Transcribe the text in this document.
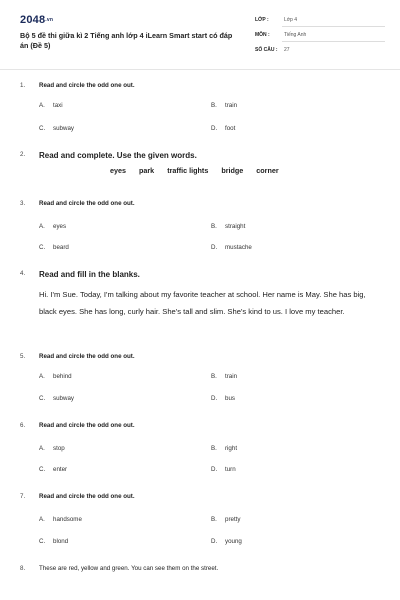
2048.vn
Bộ 5 đề thi giữa kì 2 Tiếng anh lớp 4 iLearn Smart start có đáp án (Đề 5)
LỚP :	Lớp 4
MÔN :	Tiếng Anh
SỐ CÂU : 27
1. Read and circle the odd one out.
A. taxi	B. train
C. subway	D. foot
2. Read and complete. Use the given words.
eyes park traffic lights bridge corner
3. Read and circle the odd one out.
A. eyes	B. straight
C. beard	D. mustache
4. Read and fill in the blanks.
Hi. I'm Sue. Today, I'm talking about my favorite teacher at school. Her name is May. She has big, black eyes. She has long, curly hair. She's tall and slim. She's kind to us. I love my teacher.
5. Read and circle the odd one out.
A. behind	B. train
C. subway	D. bus
6. Read and circle the odd one out.
A. stop	B. right
C. enter	D. turn
7. Read and circle the odd one out.
A. handsome	B. pretty
C. blond	D. young
8. These are red, yellow and green. You can see them on the street.
